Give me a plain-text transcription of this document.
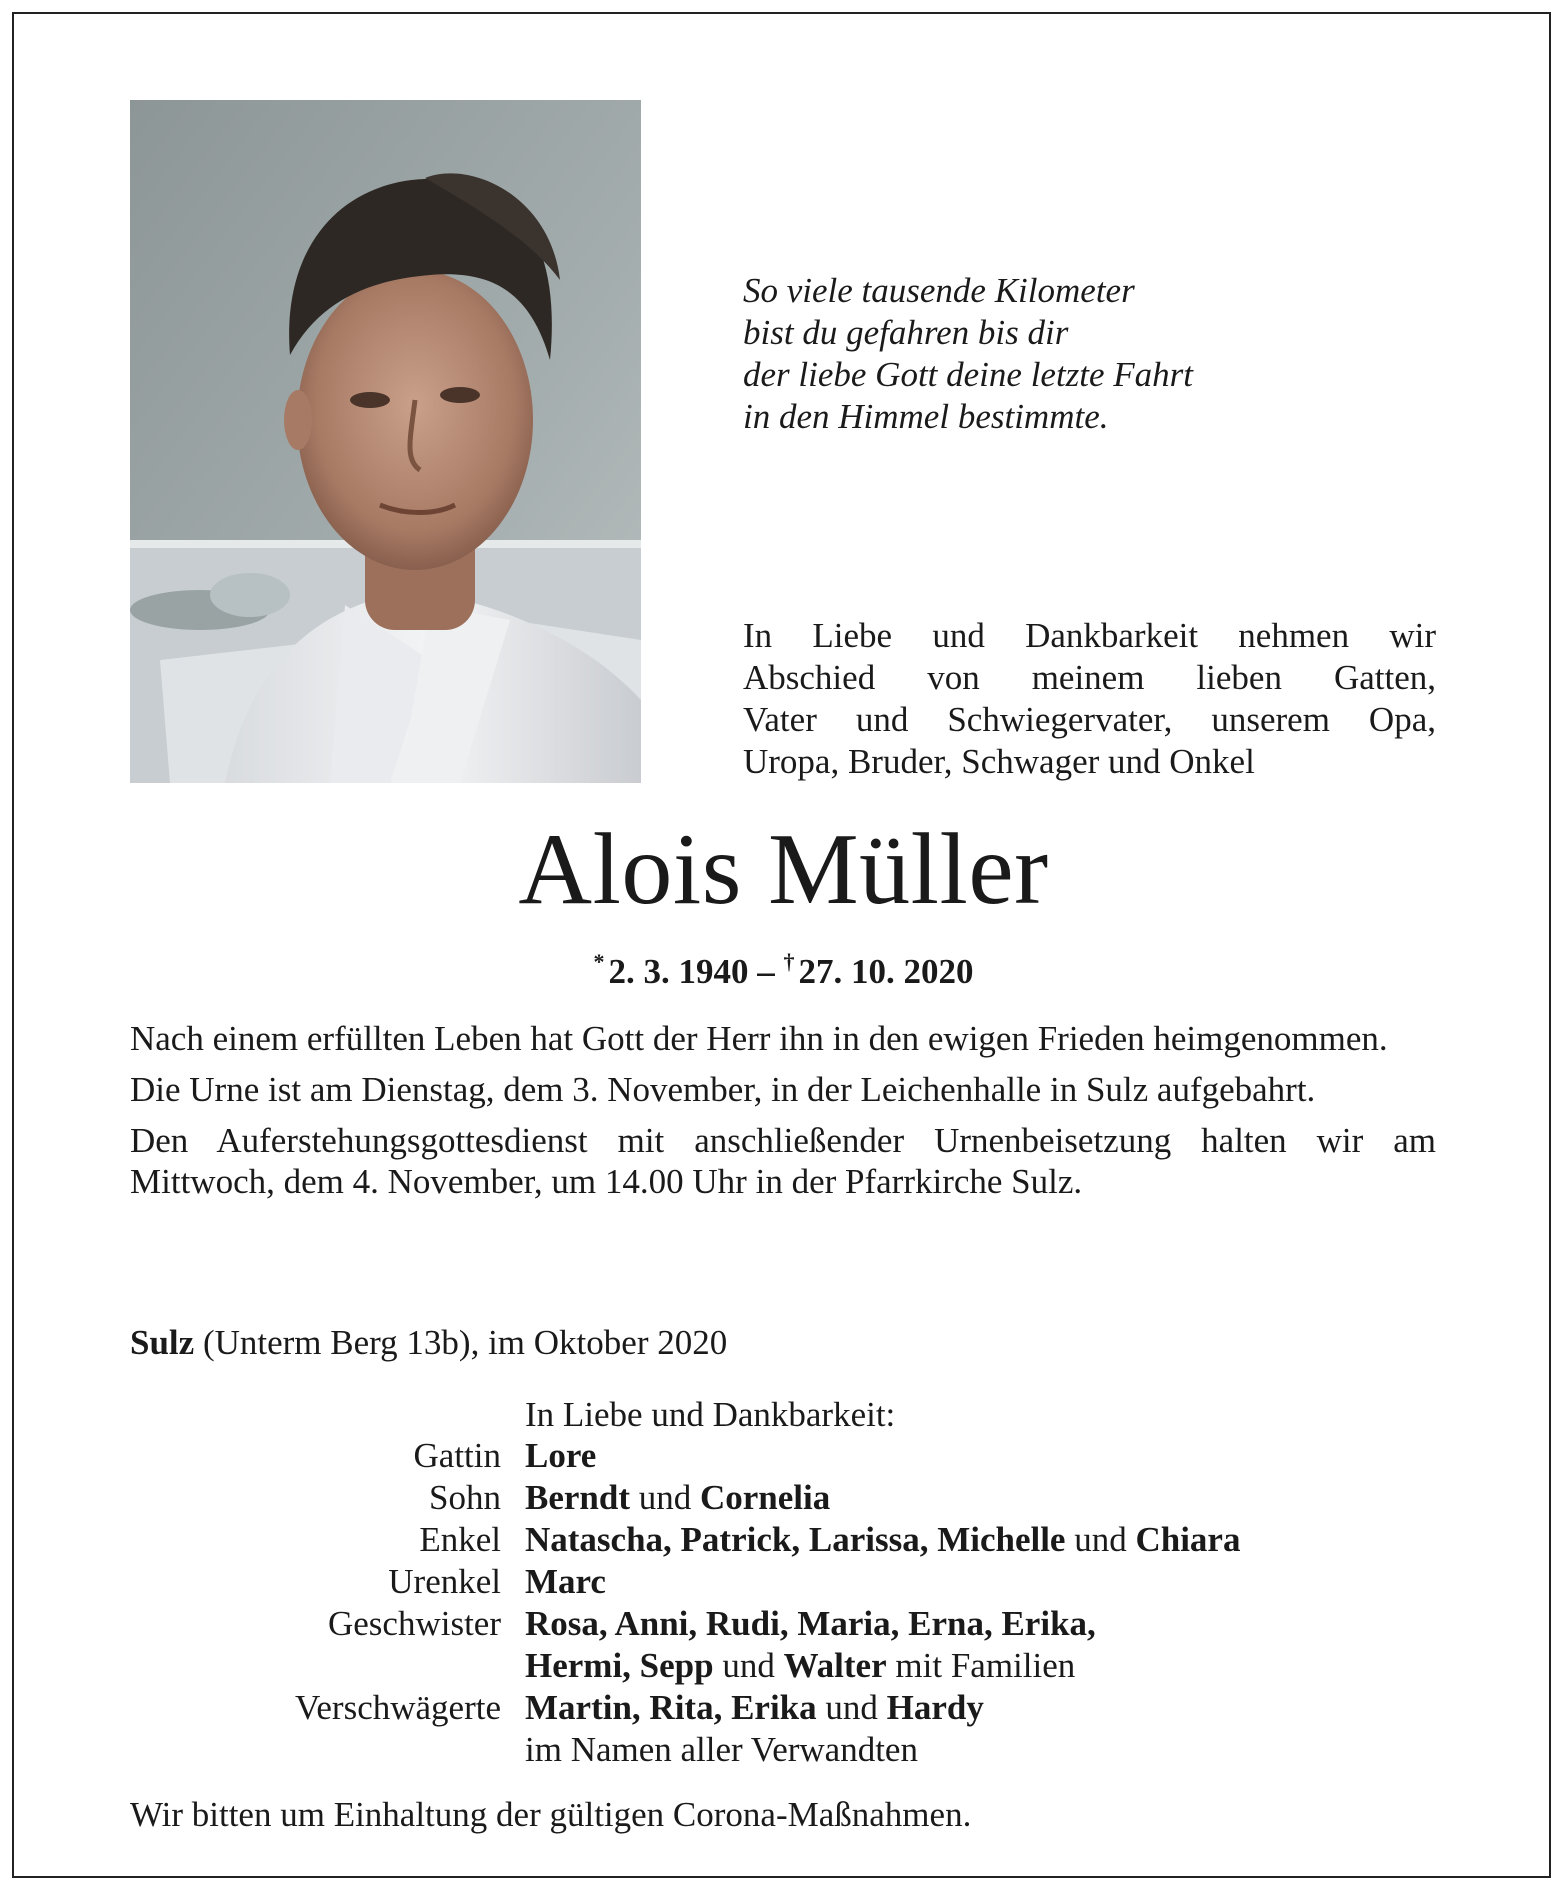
So viele tausende Kilometer
bist du gefahren bis dir
der liebe Gott deine letzte Fahrt
in den Himmel bestimmte.
In Liebe und Dankbarkeit nehmen wir
Abschied von meinem lieben Gatten,
Vater und Schwiegervater, unserem Opa,
Uropa, Bruder, Schwager und Onkel
Alois Müller
* 2. 3. 1940 – † 27. 10. 2020

Nach einem erfüllten Leben hat Gott der Herr ihn in den ewigen Frieden heimgenommen.

Die Urne ist am Dienstag, dem 3. November, in der Leichenhalle in Sulz aufgebahrt.

Den Auferstehungsgottesdienst mit anschließender Urnenbeisetzung halten wir am Mittwoch, dem 4. November, um 14.00 Uhr in der Pfarrkirche Sulz.

Sulz (Unterm Berg 13b), im Oktober 2020
In Liebe und Dankbarkeit:
Gattin Lore
Sohn Berndt und Cornelia
Enkel Natascha, Patrick, Larissa, Michelle und Chiara
Urenkel Marc
Geschwister Rosa, Anni, Rudi, Maria, Erna, Erika,
Hermi, Sepp und Walter mit Familien
Verschwägerte Martin, Rita, Erika und Hardy
im Namen aller Verwandten
Wir bitten um Einhaltung der gültigen Corona-Maßnahmen.
